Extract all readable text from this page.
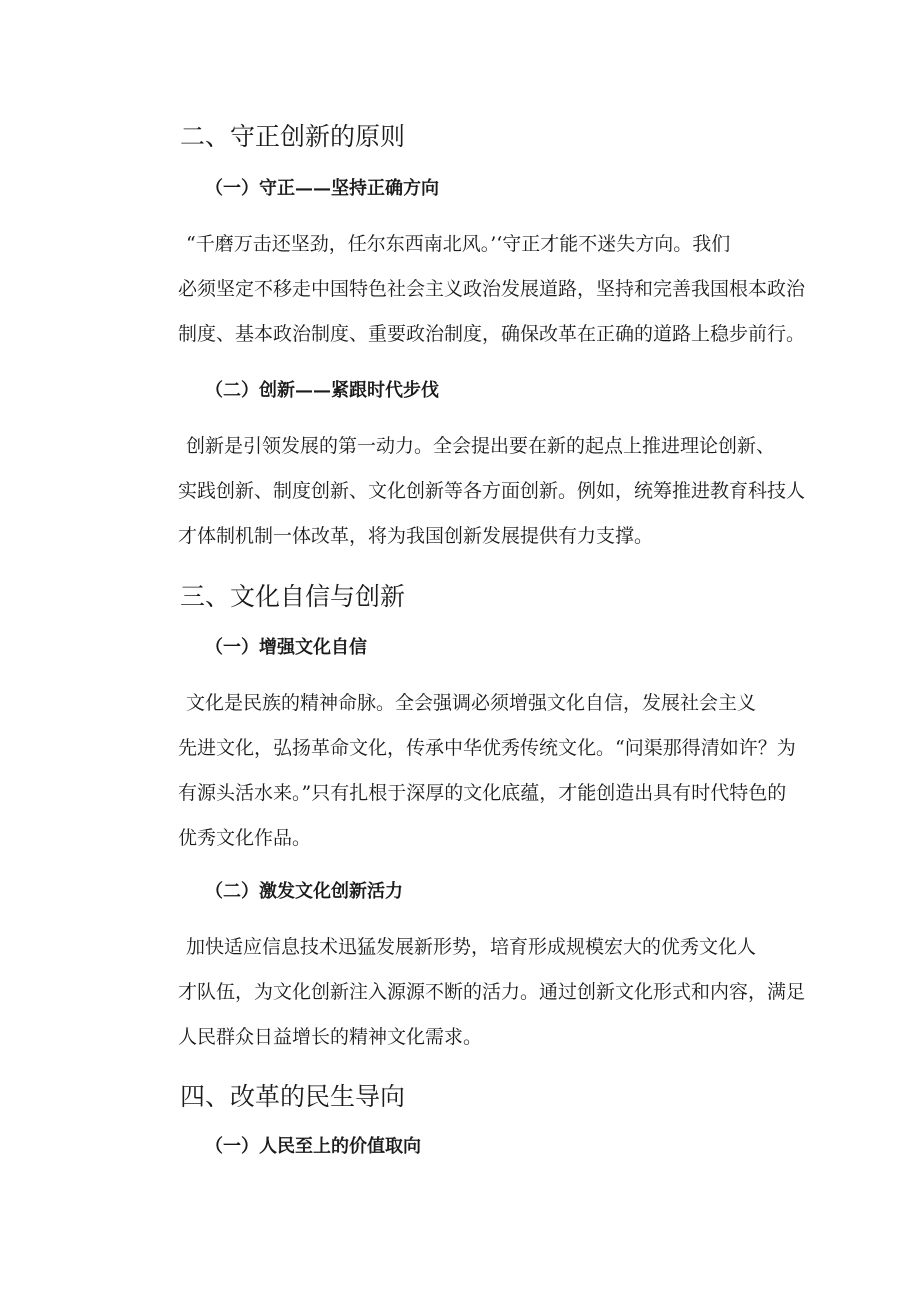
二、守正创新的原则
（一）守正——坚持正确方向
“千磨万击还坚劲，任尔东西南北风。’‘守正才能不迷失方向。我们
必须坚定不移走中国特色社会主义政治发展道路，坚持和完善我国根本政治
制度、基本政治制度、重要政治制度，确保改革在正确的道路上稳步前行。
（二）创新——紧跟时代步伐
创新是引领发展的第一动力。全会提出要在新的起点上推进理论创新、
实践创新、制度创新、文化创新等各方面创新。例如，统筹推进教育科技人
才体制机制一体改革，将为我国创新发展提供有力支撑。
三、文化自信与创新
（一）增强文化自信
文化是民族的精神命脉。全会强调必须增强文化自信，发展社会主义
先进文化，弘扬革命文化，传承中华优秀传统文化。“问渠那得清如许？为
有源头活水来。”只有扎根于深厚的文化底蕴，才能创造出具有时代特色的
优秀文化作品。
（二）激发文化创新活力
加快适应信息技术迅猛发展新形势，培育形成规模宏大的优秀文化人
才队伍，为文化创新注入源源不断的活力。通过创新文化形式和内容，满足
人民群众日益增长的精神文化需求。
四、改革的民生导向
（一）人民至上的价值取向
